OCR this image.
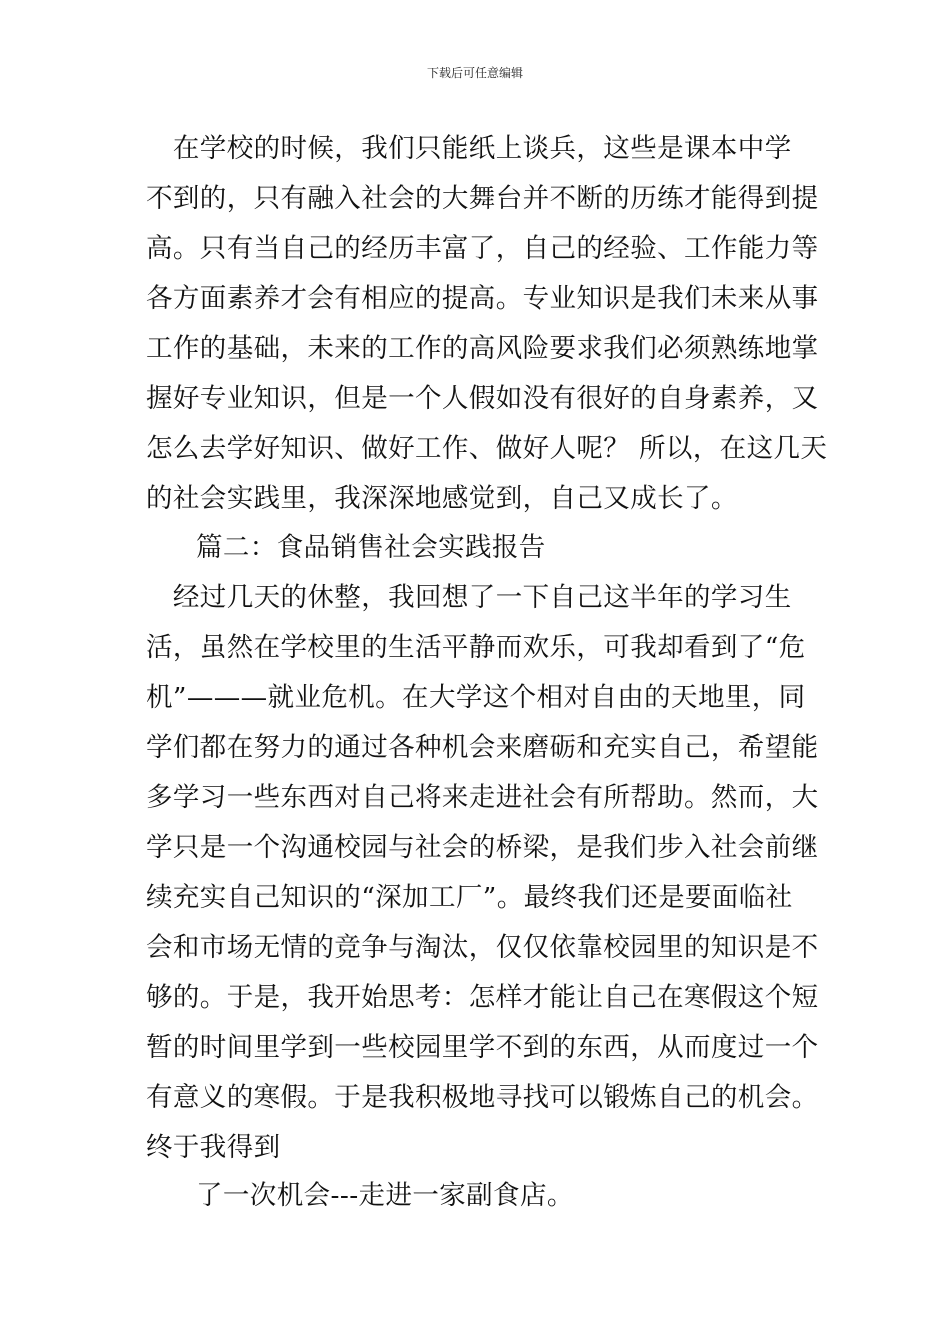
下载后可任意编辑
　在学校的时候，我们只能纸上谈兵，这些是课本中学
不到的，只有融入社会的大舞台并不断的历练才能得到提
高。只有当自己的经历丰富了，自己的经验、工作能力等
各方面素养才会有相应的提高。专业知识是我们未来从事
工作的基础，未来的工作的高风险要求我们必须熟练地掌
握好专业知识，但是一个人假如没有很好的自身素养，又
怎么去学好知识、做好工作、做好人呢？ 所以，在这几天
的社会实践里，我深深地感觉到，自己又成长了。
篇二：食品销售社会实践报告
　经过几天的休整，我回想了一下自己这半年的学习生
活，虽然在学校里的生活平静而欢乐，可我却看到了“危
机”———就业危机。在大学这个相对自由的天地里，同
学们都在努力的通过各种机会来磨砺和充实自己，希望能
多学习一些东西对自己将来走进社会有所帮助。然而，大
学只是一个沟通校园与社会的桥梁，是我们步入社会前继
续充实自己知识的“深加工厂”。最终我们还是要面临社
会和市场无情的竞争与淘汰，仅仅依靠校园里的知识是不
够的。于是，我开始思考：怎样才能让自己在寒假这个短
暂的时间里学到一些校园里学不到的东西，从而度过一个
有意义的寒假。于是我积极地寻找可以锻炼自己的机会。
终于我得到
了一次机会---走进一家副食店。
